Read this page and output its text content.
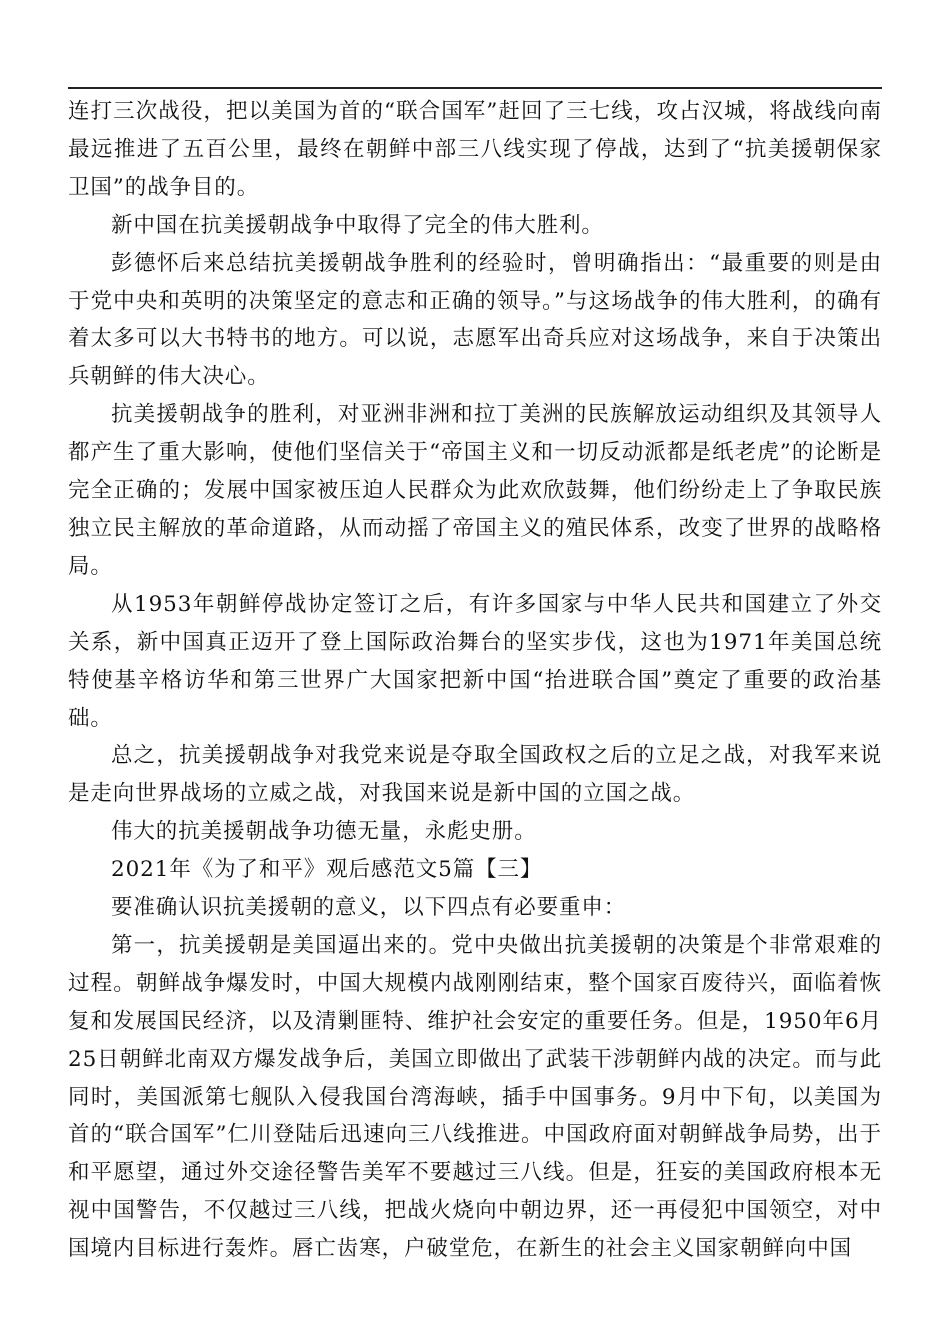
连打三次战役，把以美国为首的“联合国军”赶回了三七线，攻占汉城，将战线向南最远推进了五百公里，最终在朝鲜中部三八线实现了停战，达到了“抗美援朝保家卫国”的战争目的。

新中国在抗美援朝战争中取得了完全的伟大胜利。

彭德怀后来总结抗美援朝战争胜利的经验时，曾明确指出：“最重要的则是由于党中央和英明的决策坚定的意志和正确的领导。”与这场战争的伟大胜利，的确有着太多可以大书特书的地方。可以说，志愿军出奇兵应对这场战争，来自于决策出兵朝鲜的伟大决心。

抗美援朝战争的胜利，对亚洲非洲和拉丁美洲的民族解放运动组织及其领导人都产生了重大影响，使他们坚信关于“帝国主义和一切反动派都是纸老虎”的论断是完全正确的；发展中国家被压迫人民群众为此欢欣鼓舞，他们纷纷走上了争取民族独立民主解放的革命道路，从而动摇了帝国主义的殖民体系，改变了世界的战略格局。

从1953年朝鲜停战协定签订之后，有许多国家与中华人民共和国建立了外交关系，新中国真正迈开了登上国际政治舞台的坚实步伐，这也为1971年美国总统特使基辛格访华和第三世界广大国家把新中国“抬进联合国”奠定了重要的政治基础。

总之，抗美援朝战争对我党来说是夺取全国政权之后的立足之战，对我军来说是走向世界战场的立威之战，对我国来说是新中国的立国之战。

伟大的抗美援朝战争功德无量，永彪史册。

2021年《为了和平》观后感范文5篇【三】

要准确认识抗美援朝的意义，以下四点有必要重申：

第一，抗美援朝是美国逼出来的。党中央做出抗美援朝的决策是个非常艰难的过程。朝鲜战争爆发时，中国大规模内战刚刚结束，整个国家百废待兴，面临着恢复和发展国民经济，以及清剿匪特、维护社会安定的重要任务。但是，1950年6月25日朝鲜北南双方爆发战争后，美国立即做出了武装干涉朝鲜内战的决定。而与此同时，美国派第七舰队入侵我国台湾海峡，插手中国事务。9月中下旬，以美国为首的“联合国军”仁川登陆后迅速向三八线推进。中国政府面对朝鲜战争局势，出于和平愿望，通过外交途径警告美军不要越过三八线。但是，狂妄的美国政府根本无视中国警告，不仅越过三八线，把战火烧向中朝边界，还一再侵犯中国领空，对中国境内目标进行轰炸。唇亡齿寒，户破堂危，在新生的社会主义国家朝鲜向中国
